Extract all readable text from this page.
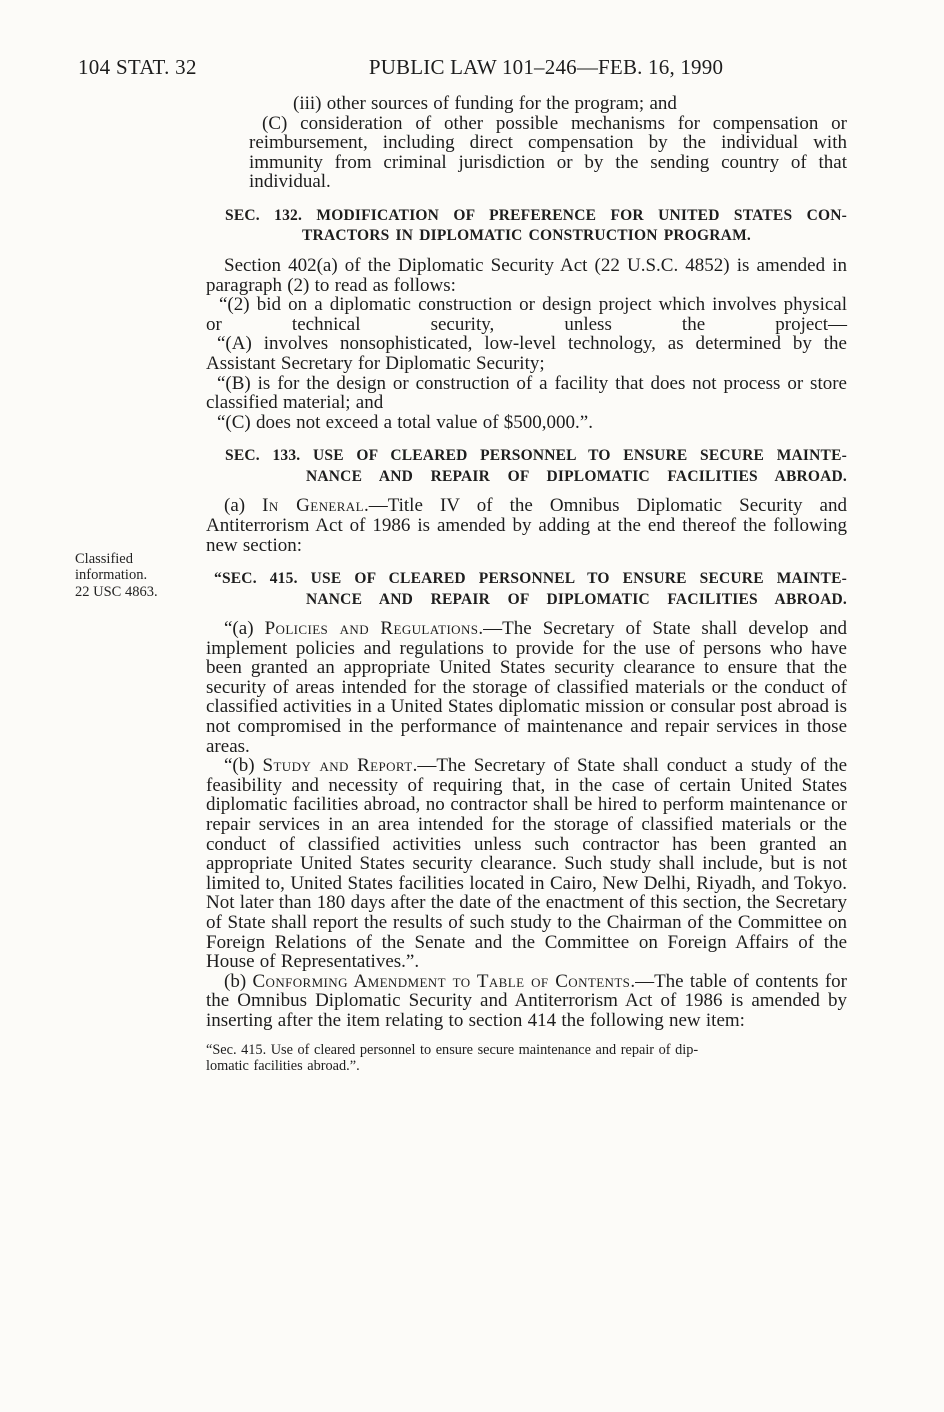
104 STAT. 32	PUBLIC LAW 101–246—FEB. 16, 1990

(iii) other sources of funding for the program; and

(C) consideration of other possible mechanisms for compensation or reimbursement, including direct compensation by the individual with immunity from criminal jurisdiction or by the sending country of that individual.

SEC. 132. MODIFICATION OF PREFERENCE FOR UNITED STATES CON-
TRACTORS IN DIPLOMATIC CONSTRUCTION PROGRAM.

Section 402(a) of the Diplomatic Security Act (22 U.S.C. 4852) is amended in paragraph (2) to read as follows:

“(2) bid on a diplomatic construction or design project which involves physical or technical security, unless the project—

“(A) involves nonsophisticated, low-level technology, as determined by the Assistant Secretary for Diplomatic Security;

“(B) is for the design or construction of a facility that does not process or store classified material; and

“(C) does not exceed a total value of $500,000.”.

SEC. 133. USE OF CLEARED PERSONNEL TO ENSURE SECURE MAINTE-
NANCE AND REPAIR OF DIPLOMATIC FACILITIES ABROAD.

(a) In General.—Title IV of the Omnibus Diplomatic Security and Antiterrorism Act of 1986 is amended by adding at the end thereof the following new section:

Classified
information.
22 USC 4863.
“SEC. 415. USE OF CLEARED PERSONNEL TO ENSURE SECURE MAINTE-
NANCE AND REPAIR OF DIPLOMATIC FACILITIES ABROAD.

“(a) Policies and Regulations.—The Secretary of State shall develop and implement policies and regulations to provide for the use of persons who have been granted an appropriate United States security clearance to ensure that the security of areas intended for the storage of classified materials or the conduct of classified activities in a United States diplomatic mission or consular post abroad is not compromised in the performance of maintenance and repair services in those areas.

“(b) Study and Report.—The Secretary of State shall conduct a study of the feasibility and necessity of requiring that, in the case of certain United States diplomatic facilities abroad, no contractor shall be hired to perform maintenance or repair services in an area intended for the storage of classified materials or the conduct of classified activities unless such contractor has been granted an appropriate United States security clearance. Such study shall include, but is not limited to, United States facilities located in Cairo, New Delhi, Riyadh, and Tokyo. Not later than 180 days after the date of the enactment of this section, the Secretary of State shall report the results of such study to the Chairman of the Committee on Foreign Relations of the Senate and the Committee on Foreign Affairs of the House of Representatives.”.

(b) Conforming Amendment to Table of Contents.—The table of contents for the Omnibus Diplomatic Security and Antiterrorism Act of 1986 is amended by inserting after the item relating to section 414 the following new item:

“Sec. 415. Use of cleared personnel to ensure secure maintenance and repair of dip-

lomatic facilities abroad.”.
